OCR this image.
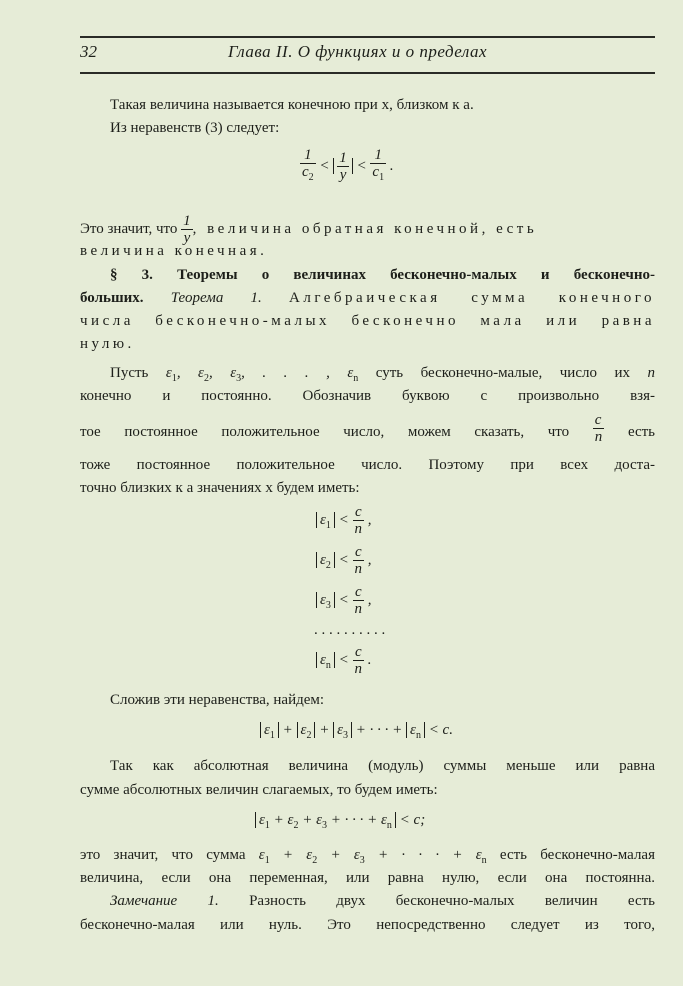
32	Глава II. О функциях и о пределах
Такая величина называется конечною при x, близком к a.
Из неравенств (3) следует:
$\frac{1}{c_2} < \frac{1}{y} < \frac{1}{c_1}$ .
Это значит, что $\frac{1}{y}$ , величина обратная конечной, есть
величина конечная.
§ 3. Теоремы о величинах бесконечно-малых и бесконечно-
больших. Теорема 1. Алгебраическая сумма конечного
числа бесконечно-малых бесконечно мала или равна
нулю.
Пусть $\varepsilon_1$, $\varepsilon_2$, $\varepsilon_3$, . . . , $\varepsilon_n$ суть бесконечно-малые, число их n
конечно и постоянно. Обозначив буквою c произвольно взя-
тое постоянное положительное число, можем сказать, что $\frac{c}{n}$ есть
тоже постоянное положительное число. Поэтому при всех доста-
точно близких к a значениях x будем иметь:
$\varepsilon_1 < \frac{c}{n}$ ,
$\varepsilon_2 < \frac{c}{n}$ ,
$\varepsilon_3 < \frac{c}{n}$ ,
. . . . . . . . . .
$\varepsilon_n < \frac{c}{n}$ .
Сложив эти неравенства, найдем:
$\varepsilon_1 + \varepsilon_2 + \varepsilon_3$ + · · · + $\varepsilon_n < c$.
Так как абсолютная величина (модуль) суммы меньше или равна
сумме абсолютных величин слагаемых, то будем иметь:
$\varepsilon_1 + \varepsilon_2 + \varepsilon_3$ + · · · + $\varepsilon_n < c$;
это значит, что сумма $\varepsilon_1 + \varepsilon_2 + \varepsilon_3$ + · · · + $\varepsilon_n$ есть бесконечно-малая
величина, если она переменная, или равна нулю, если она постоянна.
Замечание 1. Разность двух бесконечно-малых величин есть
бесконечно-малая или нуль. Это непосредственно следует из того,
